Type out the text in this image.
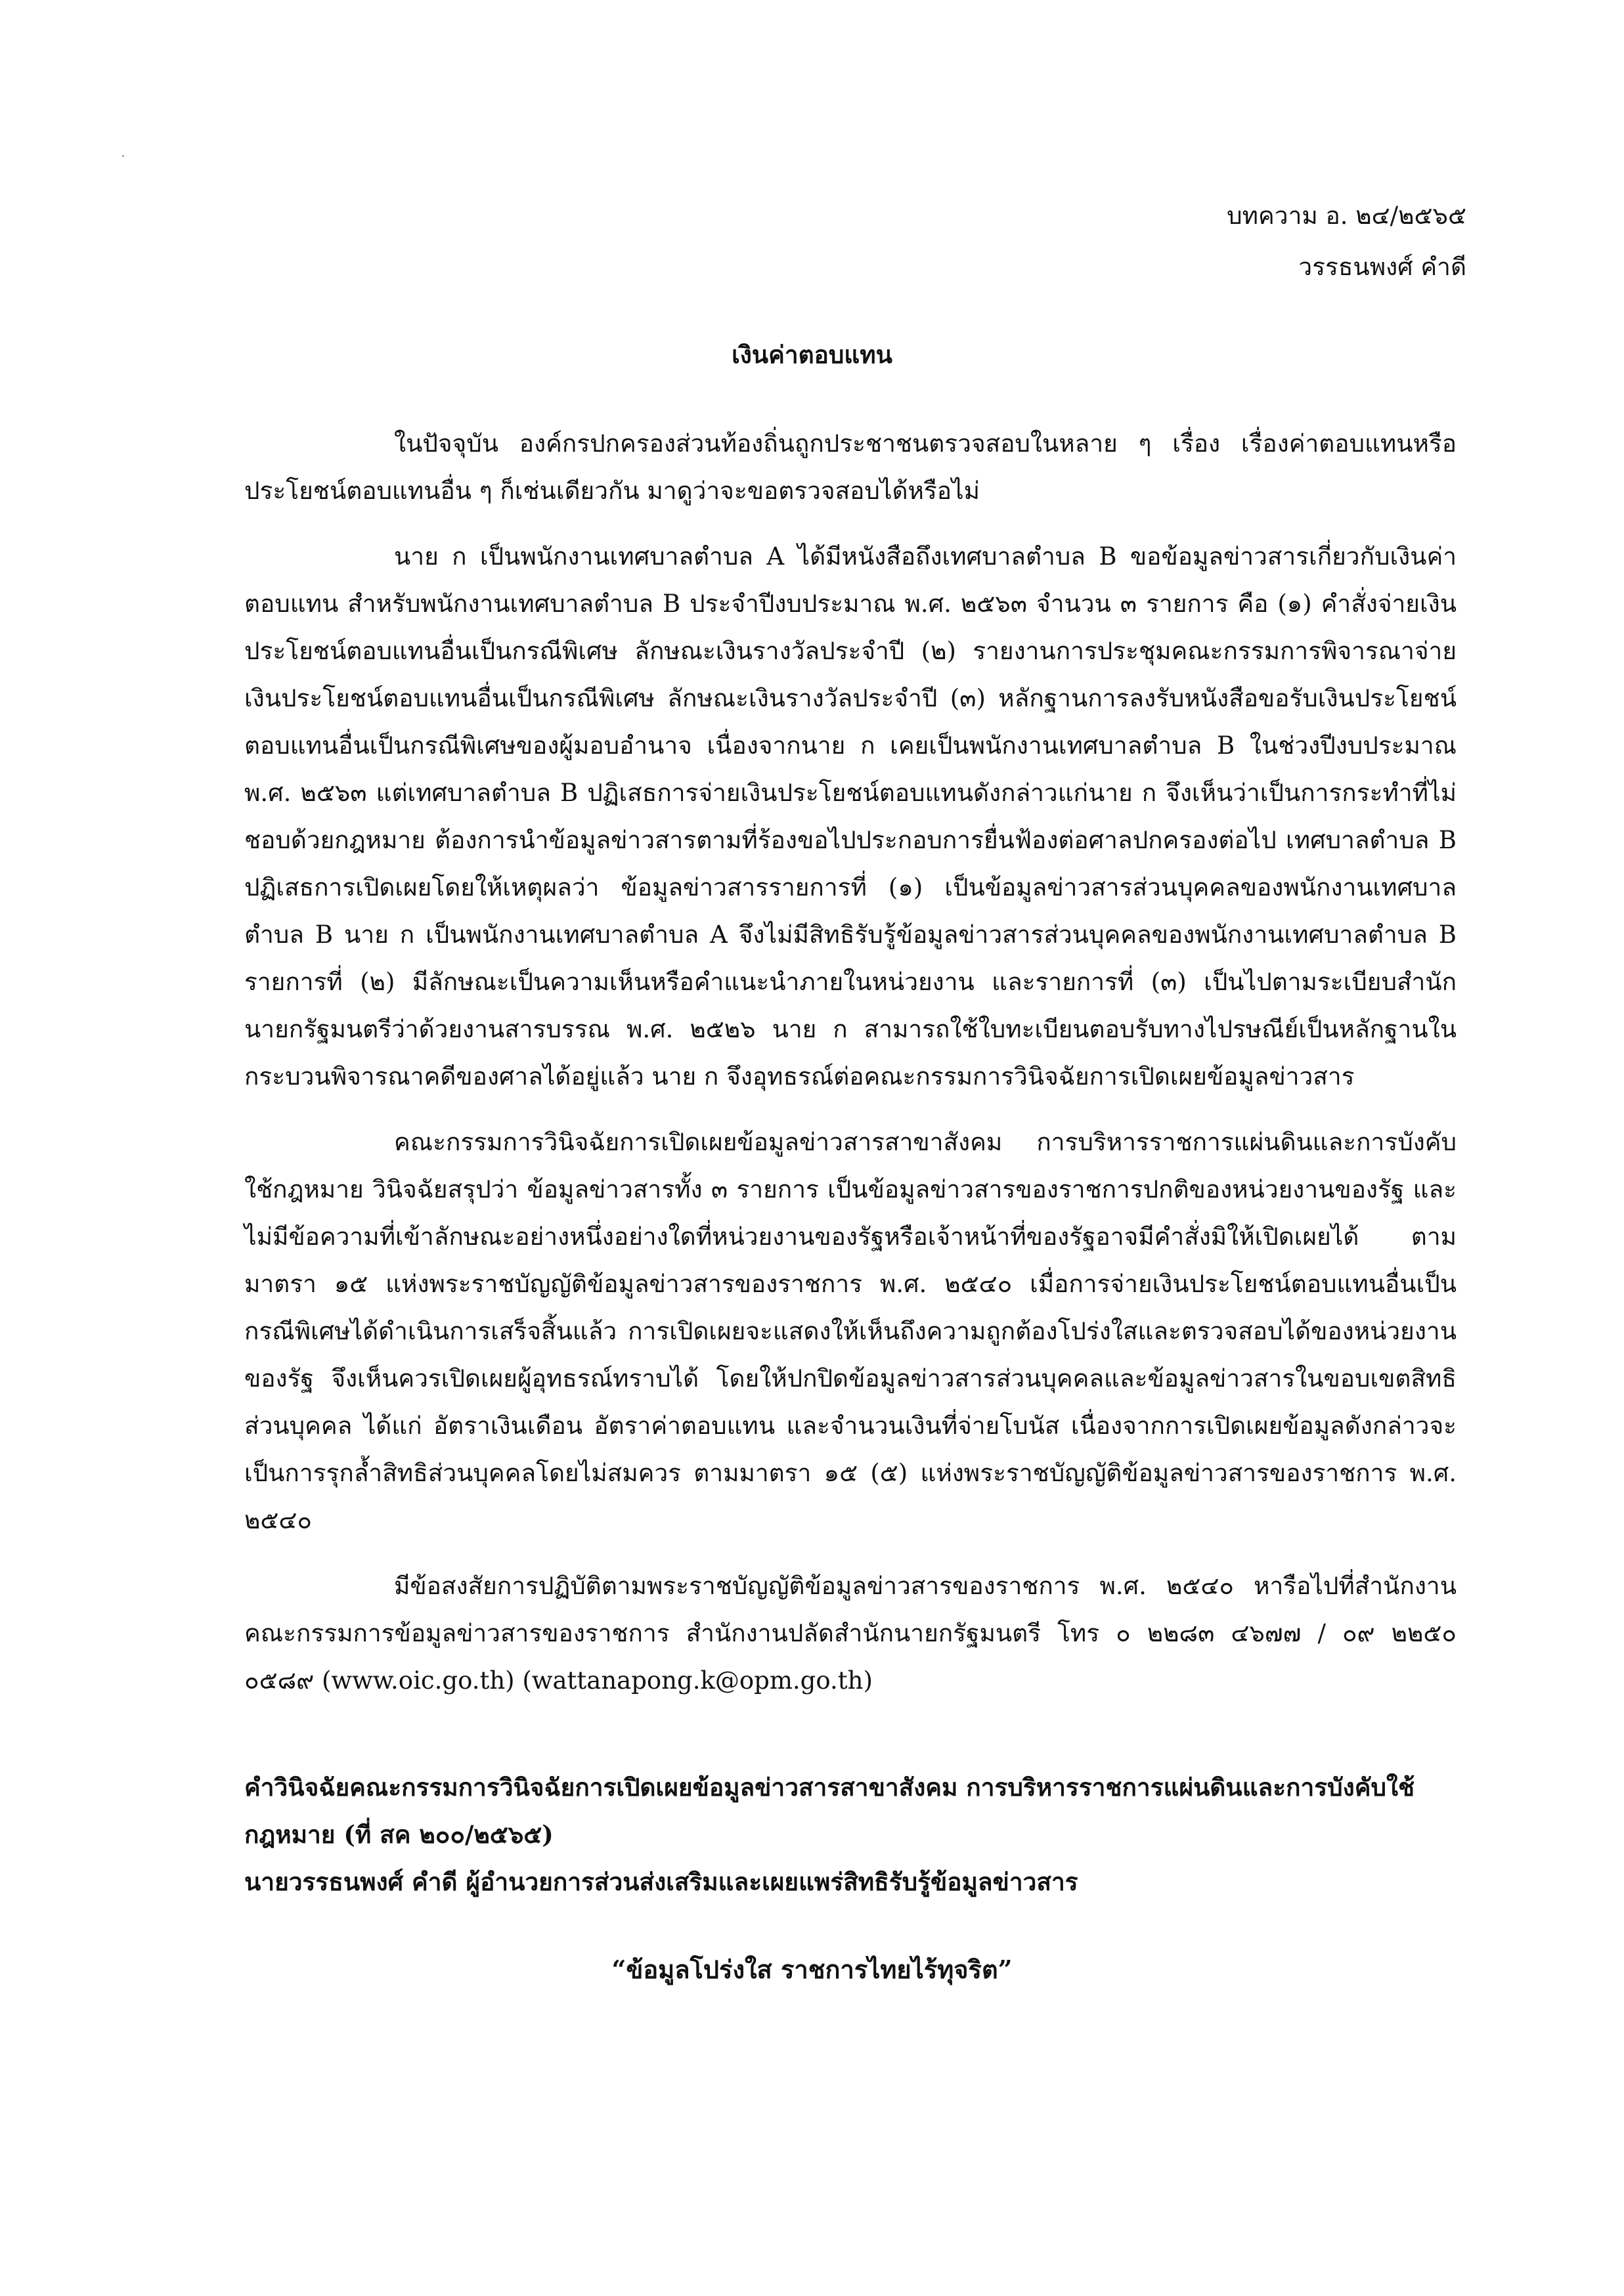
บทความ อ. ๒๔/๒๕๖๕
วรรธนพงศ์ คำดี
เงินค่าตอบแทน

ในปัจจุบัน องค์กรปกครองส่วนท้องถิ่นถูกประชาชนตรวจสอบในหลาย ๆ เรื่อง เรื่องค่าตอบแทนหรือประโยชน์ตอบแทนอื่น ๆ ก็เช่นเดียวกัน มาดูว่าจะขอตรวจสอบได้หรือไม่

นาย ก เป็นพนักงานเทศบาลตำบล A ได้มีหนังสือถึงเทศบาลตำบล B ขอข้อมูลข่าวสารเกี่ยวกับเงินค่าตอบแทน สำหรับพนักงานเทศบาลตำบล B ประจำปีงบประมาณ พ.ศ. ๒๕๖๓ จำนวน ๓ รายการ คือ (๑) คำสั่งจ่ายเงินประโยชน์ตอบแทนอื่นเป็นกรณีพิเศษ ลักษณะเงินรางวัลประจำปี (๒) รายงานการประชุมคณะกรรมการพิจารณาจ่ายเงินประโยชน์ตอบแทนอื่นเป็นกรณีพิเศษ ลักษณะเงินรางวัลประจำปี (๓) หลักฐานการลงรับหนังสือขอรับเงินประโยชน์ตอบแทนอื่นเป็นกรณีพิเศษของผู้มอบอำนาจ เนื่องจากนาย ก เคยเป็นพนักงานเทศบาลตำบล B ในช่วงปีงบประมาณ พ.ศ. ๒๕๖๓ แต่เทศบาลตำบล B ปฏิเสธการจ่ายเงินประโยชน์ตอบแทนดังกล่าวแก่นาย ก จึงเห็นว่าเป็นการกระทำที่ไม่ชอบด้วยกฎหมาย ต้องการนำข้อมูลข่าวสารตามที่ร้องขอไปประกอบการยื่นฟ้องต่อศาลปกครองต่อไป เทศบาลตำบล B ปฏิเสธการเปิดเผยโดยให้เหตุผลว่า ข้อมูลข่าวสารรายการที่ (๑) เป็นข้อมูลข่าวสารส่วนบุคคลของพนักงานเทศบาลตำบล B นาย ก เป็นพนักงานเทศบาลตำบล A จึงไม่มีสิทธิรับรู้ข้อมูลข่าวสารส่วนบุคคลของพนักงานเทศบาลตำบล B รายการที่ (๒) มีลักษณะเป็นความเห็นหรือคำแนะนำภายในหน่วยงาน และรายการที่ (๓) เป็นไปตามระเบียบสำนักนายกรัฐมนตรีว่าด้วยงานสารบรรณ พ.ศ. ๒๕๒๖ นาย ก สามารถใช้ใบทะเบียนตอบรับทางไปรษณีย์เป็นหลักฐานในกระบวนพิจารณาคดีของศาลได้อยู่แล้ว นาย ก จึงอุทธรณ์ต่อคณะกรรมการวินิจฉัยการเปิดเผยข้อมูลข่าวสาร

คณะกรรมการวินิจฉัยการเปิดเผยข้อมูลข่าวสารสาขาสังคม การบริหารราชการแผ่นดินและการบังคับใช้กฎหมาย วินิจฉัยสรุปว่า ข้อมูลข่าวสารทั้ง ๓ รายการ เป็นข้อมูลข่าวสารของราชการปกติของหน่วยงานของรัฐ และไม่มีข้อความที่เข้าลักษณะอย่างหนึ่งอย่างใดที่หน่วยงานของรัฐหรือเจ้าหน้าที่ของรัฐอาจมีคำสั่งมิให้เปิดเผยได้ ตามมาตรา ๑๕ แห่งพระราชบัญญัติข้อมูลข่าวสารของราชการ พ.ศ. ๒๕๔๐ เมื่อการจ่ายเงินประโยชน์ตอบแทนอื่นเป็นกรณีพิเศษได้ดำเนินการเสร็จสิ้นแล้ว การเปิดเผยจะแสดงให้เห็นถึงความถูกต้องโปร่งใสและตรวจสอบได้ของหน่วยงานของรัฐ จึงเห็นควรเปิดเผยผู้อุทธรณ์ทราบได้ โดยให้ปกปิดข้อมูลข่าวสารส่วนบุคคลและข้อมูลข่าวสารในขอบเขตสิทธิส่วนบุคคล ได้แก่ อัตราเงินเดือน อัตราค่าตอบแทน และจำนวนเงินที่จ่ายโบนัส เนื่องจากการเปิดเผยข้อมูลดังกล่าวจะเป็นการรุกล้ำสิทธิส่วนบุคคลโดยไม่สมควร ตามมาตรา ๑๕ (๕) แห่งพระราชบัญญัติข้อมูลข่าวสารของราชการ พ.ศ. ๒๕๔๐

มีข้อสงสัยการปฏิบัติตามพระราชบัญญัติข้อมูลข่าวสารของราชการ พ.ศ. ๒๕๔๐ หารือไปที่สำนักงานคณะกรรมการข้อมูลข่าวสารของราชการ สำนักงานปลัดสำนักนายกรัฐมนตรี โทร ๐ ๒๒๘๓ ๔๖๗๗ / ๐๙ ๒๒๕๐ ๐๕๘๙ (www.oic.go.th) (wattanapong.k@opm.go.th)

คำวินิจฉัยคณะกรรมการวินิจฉัยการเปิดเผยข้อมูลข่าวสารสาขาสังคม การบริหารราชการแผ่นดินและการบังคับใช้กฎหมาย (ที่ สค ๒๐๐/๒๕๖๕)

นายวรรธนพงศ์ คำดี ผู้อำนวยการส่วนส่งเสริมและเผยแพร่สิทธิรับรู้ข้อมูลข่าวสาร

“ข้อมูลโปร่งใส ราชการไทยไร้ทุจริต”
